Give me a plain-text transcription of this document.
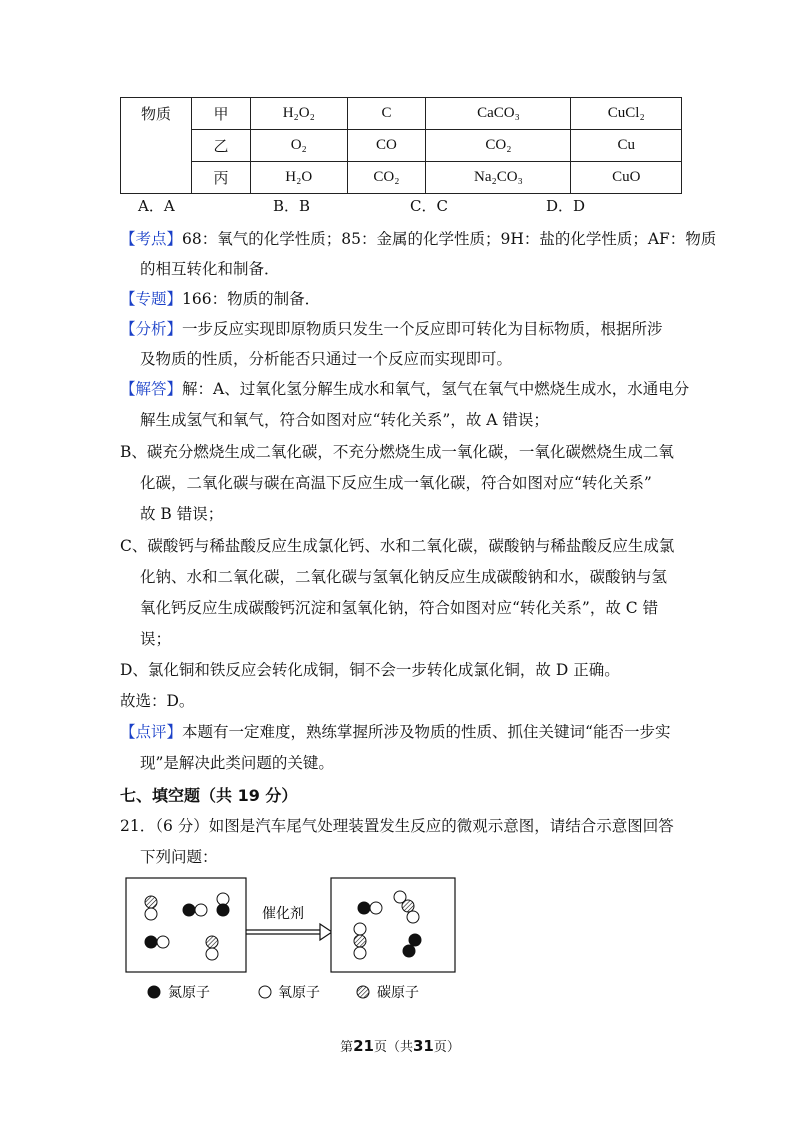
物质	甲	H₂O₂	C	CaCO₃	CuCl₂
	乙	O₂	CO	CO₂	Cu
	丙	H₂O	CO₂	Na₂CO₃	CuO
A．A	B．B	C．C	D．D
【考点】68：氧气的化学性质；85：金属的化学性质；9H：盐的化学性质；AF：物质
的相互转化和制备．
【专题】166：物质的制备．
【分析】一步反应实现即原物质只发生一个反应即可转化为目标物质，根据所涉
及物质的性质，分析能否只通过一个反应而实现即可。
【解答】解：A、过氧化氢分解生成水和氧气，氢气在氧气中燃烧生成水，水通电分
解生成氢气和氧气，符合如图对应“转化关系”，故 A 错误；
B、碳充分燃烧生成二氧化碳，不充分燃烧生成一氧化碳，一氧化碳燃烧生成二氧
化碳，二氧化碳与碳在高温下反应生成一氧化碳，符合如图对应“转化关系”
故 B 错误；
C、碳酸钙与稀盐酸反应生成氯化钙、水和二氧化碳，碳酸钠与稀盐酸反应生成氯
化钠、水和二氧化碳，二氧化碳与氢氧化钠反应生成碳酸钠和水，碳酸钠与氢
氧化钙反应生成碳酸钙沉淀和氢氧化钠，符合如图对应“转化关系”，故 C 错
误；
D、氯化铜和铁反应会转化成铜，铜不会一步转化成氯化铜，故 D 正确。
故选：D。
【点评】本题有一定难度，熟练掌握所涉及物质的性质、抓住关键词“能否一步实
现”是解决此类问题的关键。
七、填空题（共 19 分）
21．（6 分）如图是汽车尾气处理装置发生反应的微观示意图，请结合示意图回答
下列问题：
催化剂
氮原子	氧原子	碳原子
第21页（共31页）
